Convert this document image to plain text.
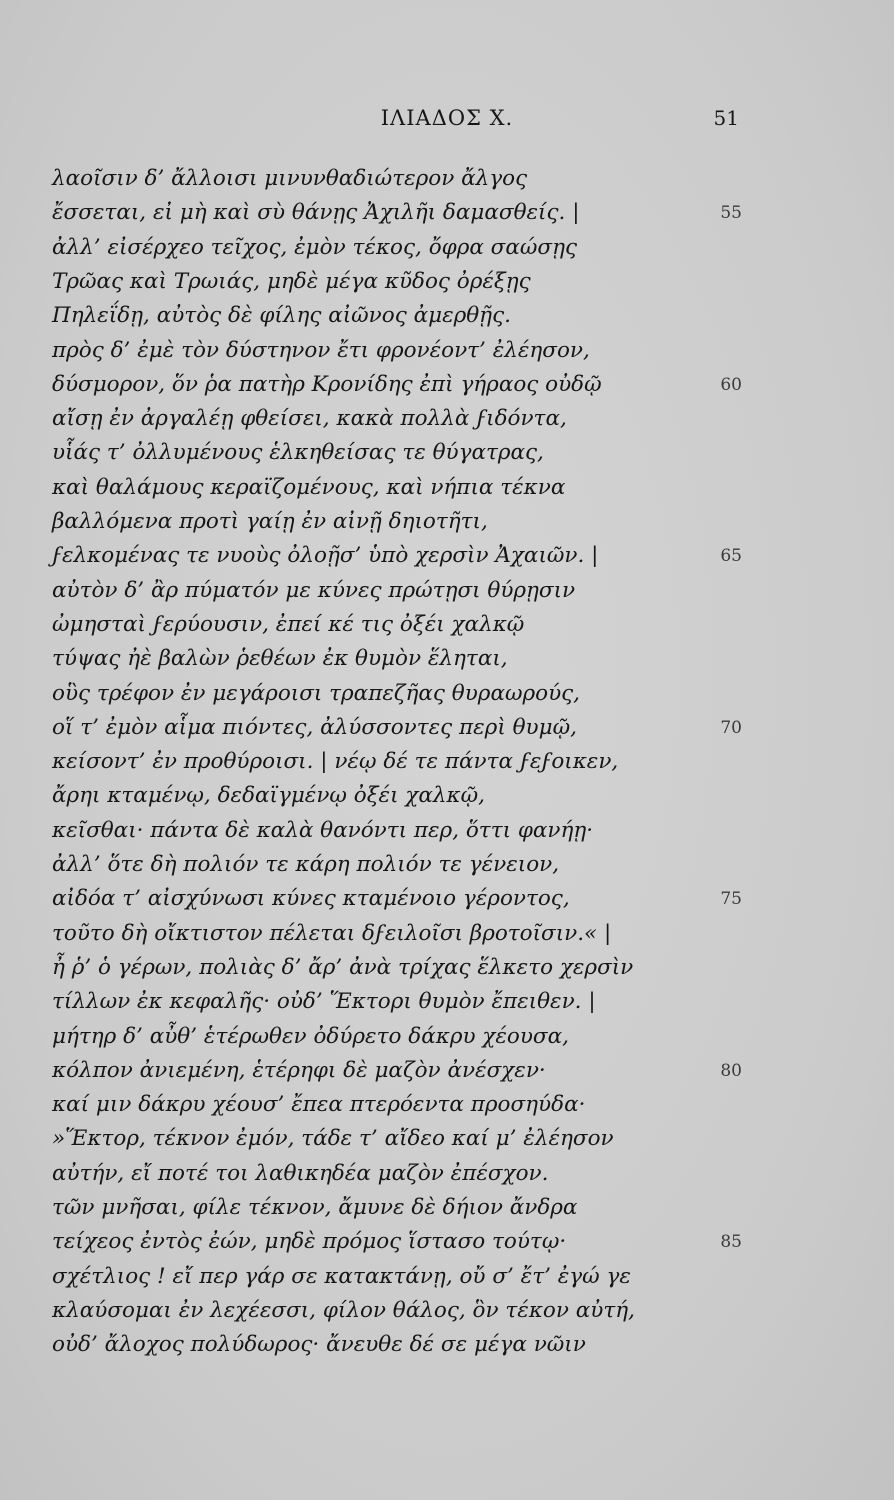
ΙΛΙΑΔΟΣ Χ.	51
λαοῖσιν δ’ ἄλλοισι μινυνθαδιώτερον ἄλγος
ἔσσεται, εἰ μὴ καὶ σὺ θάνῃς Ἀχιλῆι δαμασθείς. |
ἀλλ’ εἰσέρχεο τεῖχος, ἐμὸν τέκος, ὄφρα σαώσῃς
Τρῶας καὶ Τρωιάς, μηδὲ μέγα κῦδος ὀρέξῃς
Πηλεΐδῃ, αὐτὸς δὲ φίλης αἰῶνος ἀμερθῇς.
πρὸς δ’ ἐμὲ τὸν δύστηνον ἔτι φρονέοντ’ ἐλέησον,
δύσμορον, ὅν ῥα πατὴρ Κρονίδης ἐπὶ γήραος οὐδῷ
αἴσῃ ἐν ἀργαλέῃ φθείσει, κακὰ πολλὰ ϝιδόντα,
υἷάς τ’ ὀλλυμένους ἑλκηθείσας τε θύγατρας,
καὶ θαλάμους κεραϊζομένους, καὶ νήπια τέκνα
βαλλόμενα προτὶ γαίῃ ἐν αἰνῇ δηιοτῆτι,
ϝελκομένας τε νυοὺς ὀλοῇσ’ ὑπὸ χερσὶν Ἀχαιῶν. |
αὐτὸν δ’ ἂρ πύματόν με κύνες πρώτῃσι θύρῃσιν
ὠμησταὶ ϝερύουσιν, ἐπεί κέ τις ὀξέι χαλκῷ
τύψας ἠὲ βαλὼν ῥεθέων ἐκ θυμὸν ἕληται,
οὓς τρέφον ἐν μεγάροισι τραπεζῆας θυραωρούς,
οἵ τ’ ἐμὸν αἷμα πιόντες, ἀλύσσοντες περὶ θυμῷ,
κείσοντ’ ἐν προθύροισι. | νέῳ δέ τε πάντα ϝεϝοικεν,
ἄρηι κταμένῳ, δεδαϊγμένῳ ὀξέι χαλκῷ,
κεῖσθαι· πάντα δὲ καλὰ θανόντι περ, ὅττι φανήῃ·
ἀλλ’ ὅτε δὴ πολιόν τε κάρη πολιόν τε γένειον,
αἰδόα τ’ αἰσχύνωσι κύνες κταμένοιο γέροντος,
τοῦτο δὴ οἴκτιστον πέλεται δϝειλοῖσι βροτοῖσιν.« |
ἦ ῥ’ ὁ γέρων, πολιὰς δ’ ἄρ’ ἀνὰ τρίχας ἕλκετο χερσὶν
τίλλων ἐκ κεφαλῆς· οὐδ’ Ἕκτορι θυμὸν ἔπειθεν. |
μήτηρ δ’ αὖθ’ ἑτέρωθεν ὀδύρετο δάκρυ χέουσα,
κόλπον ἀνιεμένη, ἑτέρηφι δὲ μαζὸν ἀνέσχεν·
καί μιν δάκρυ χέουσ’ ἔπεα πτερόεντα προσηύδα·
»Ἕκτορ, τέκνον ἐμόν, τάδε τ’ αἴδεο καί μ’ ἐλέησον
αὐτήν, εἴ ποτέ τοι λαθικηδέα μαζὸν ἐπέσχον.
τῶν μνῆσαι, φίλε τέκνον, ἄμυνε δὲ δήιον ἄνδρα
τείχεος ἐντὸς ἐών, μηδὲ πρόμος ἵστασο τούτῳ·
σχέτλιος ! εἴ περ γάρ σε κατακτάνῃ, οὔ σ’ ἔτ’ ἐγώ γε
κλαύσομαι ἐν λεχέεσσι, φίλον θάλος, ὃν τέκον αὐτή,
οὐδ’ ἄλοχος πολύδωρος· ἄνευθε δέ σε μέγα νῶιν
55
60
65
70
75
80
85
